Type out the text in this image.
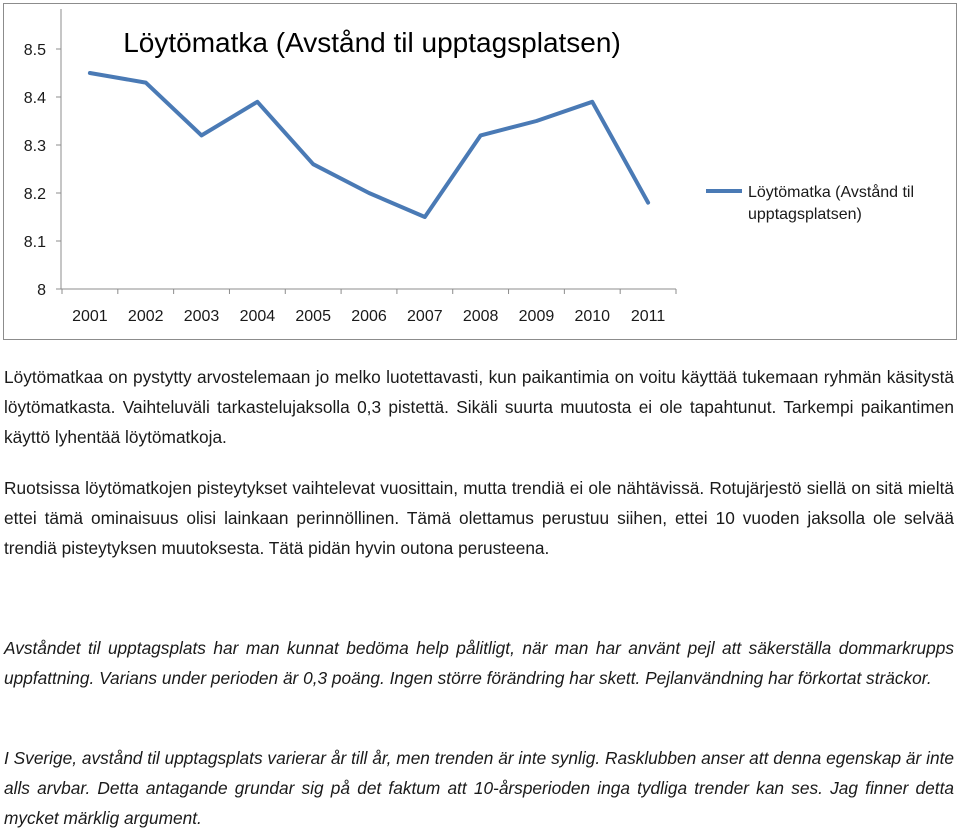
Löytömatka (Avstånd til upptagsplatsen)
8
8.1
8.2
8.3
8.4
8.5
2001 2002 2003 2004 2005 2006 2007 2008 2009 2010 2011
Löytömatka (Avstånd til
upptagsplatsen)

Löytömatkaa on pystytty arvostelemaan jo melko luotettavasti, kun paikantimia on voitu käyttää tukemaan ryhmän käsitystä löytömatkasta. Vaihteluväli tarkastelujaksolla 0,3 pistettä. Sikäli suurta muutosta ei ole tapahtunut. Tarkempi paikantimen käyttö lyhentää löytömatkoja.

Ruotsissa löytömatkojen pisteytykset vaihtelevat vuosittain, mutta trendiä ei ole nähtävissä. Rotujärjestö siellä on sitä mieltä ettei tämä ominaisuus olisi lainkaan perinnöllinen. Tämä olettamus perustuu siihen, ettei 10 vuoden jaksolla ole selvää trendiä pisteytyksen muutoksesta. Tätä pidän hyvin outona perusteena.

Avståndet til upptagsplats har man kunnat bedöma help pålitligt, när man har använt pejl att säkerställa dommarkrupps uppfattning. Varians under perioden är 0,3 poäng. Ingen större förändring har skett. Pejlanvändning har förkortat sträckor.

I Sverige, avstånd til upptagsplats varierar år till år, men trenden är inte synlig. Rasklubben anser att denna egenskap är inte alls arvbar. Detta antagande grundar sig på det faktum att 10-årsperioden inga tydliga trender kan ses. Jag finner detta mycket märklig argument.
